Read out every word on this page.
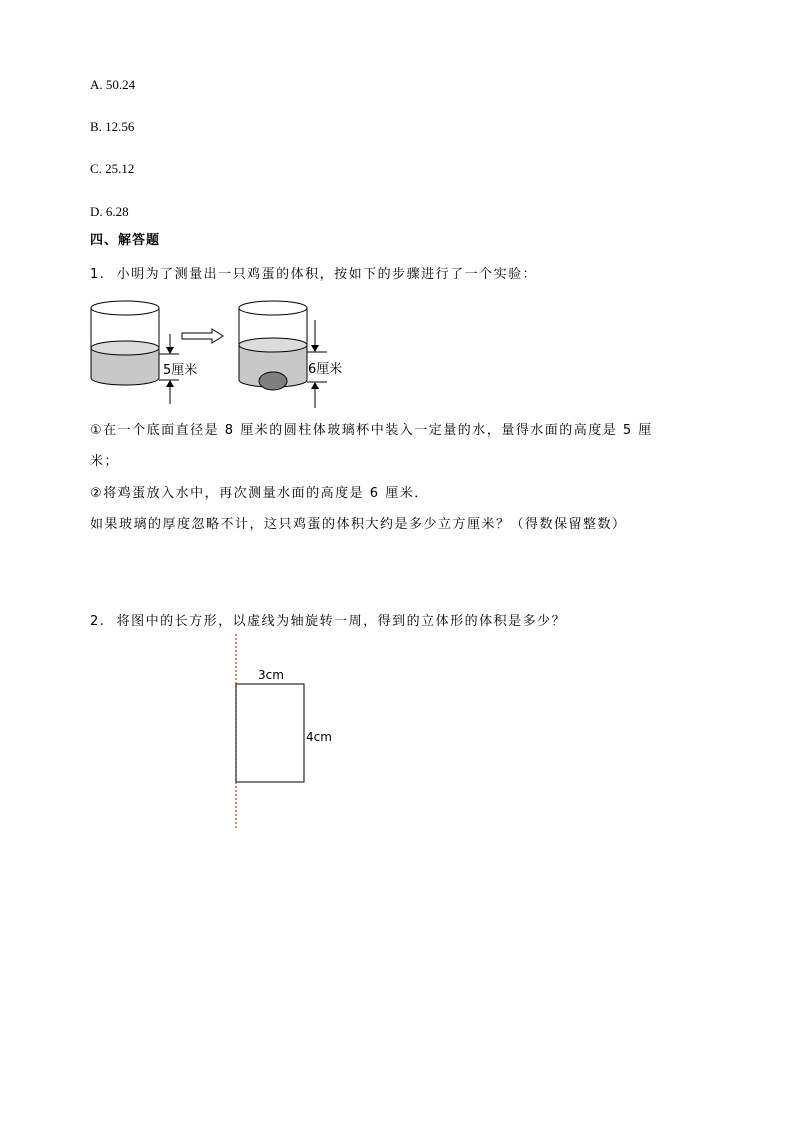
A. 50.24
B. 12.56
C. 25.12
D. 6.28
四、解答题
1. 小明为了测量出一只鸡蛋的体积，按如下的步骤进行了一个实验：
5厘米	6厘米
①在一个底面直径是 8 厘米的圆柱体玻璃杯中装入一定量的水，量得水面的高度是 5 厘
米；
②将鸡蛋放入水中，再次测量水面的高度是 6 厘米．
如果玻璃的厚度忽略不计，这只鸡蛋的体积大约是多少立方厘米？（得数保留整数）
2. 将图中的长方形，以虚线为轴旋转一周，得到的立体形的体积是多少？
3cm
4cm
